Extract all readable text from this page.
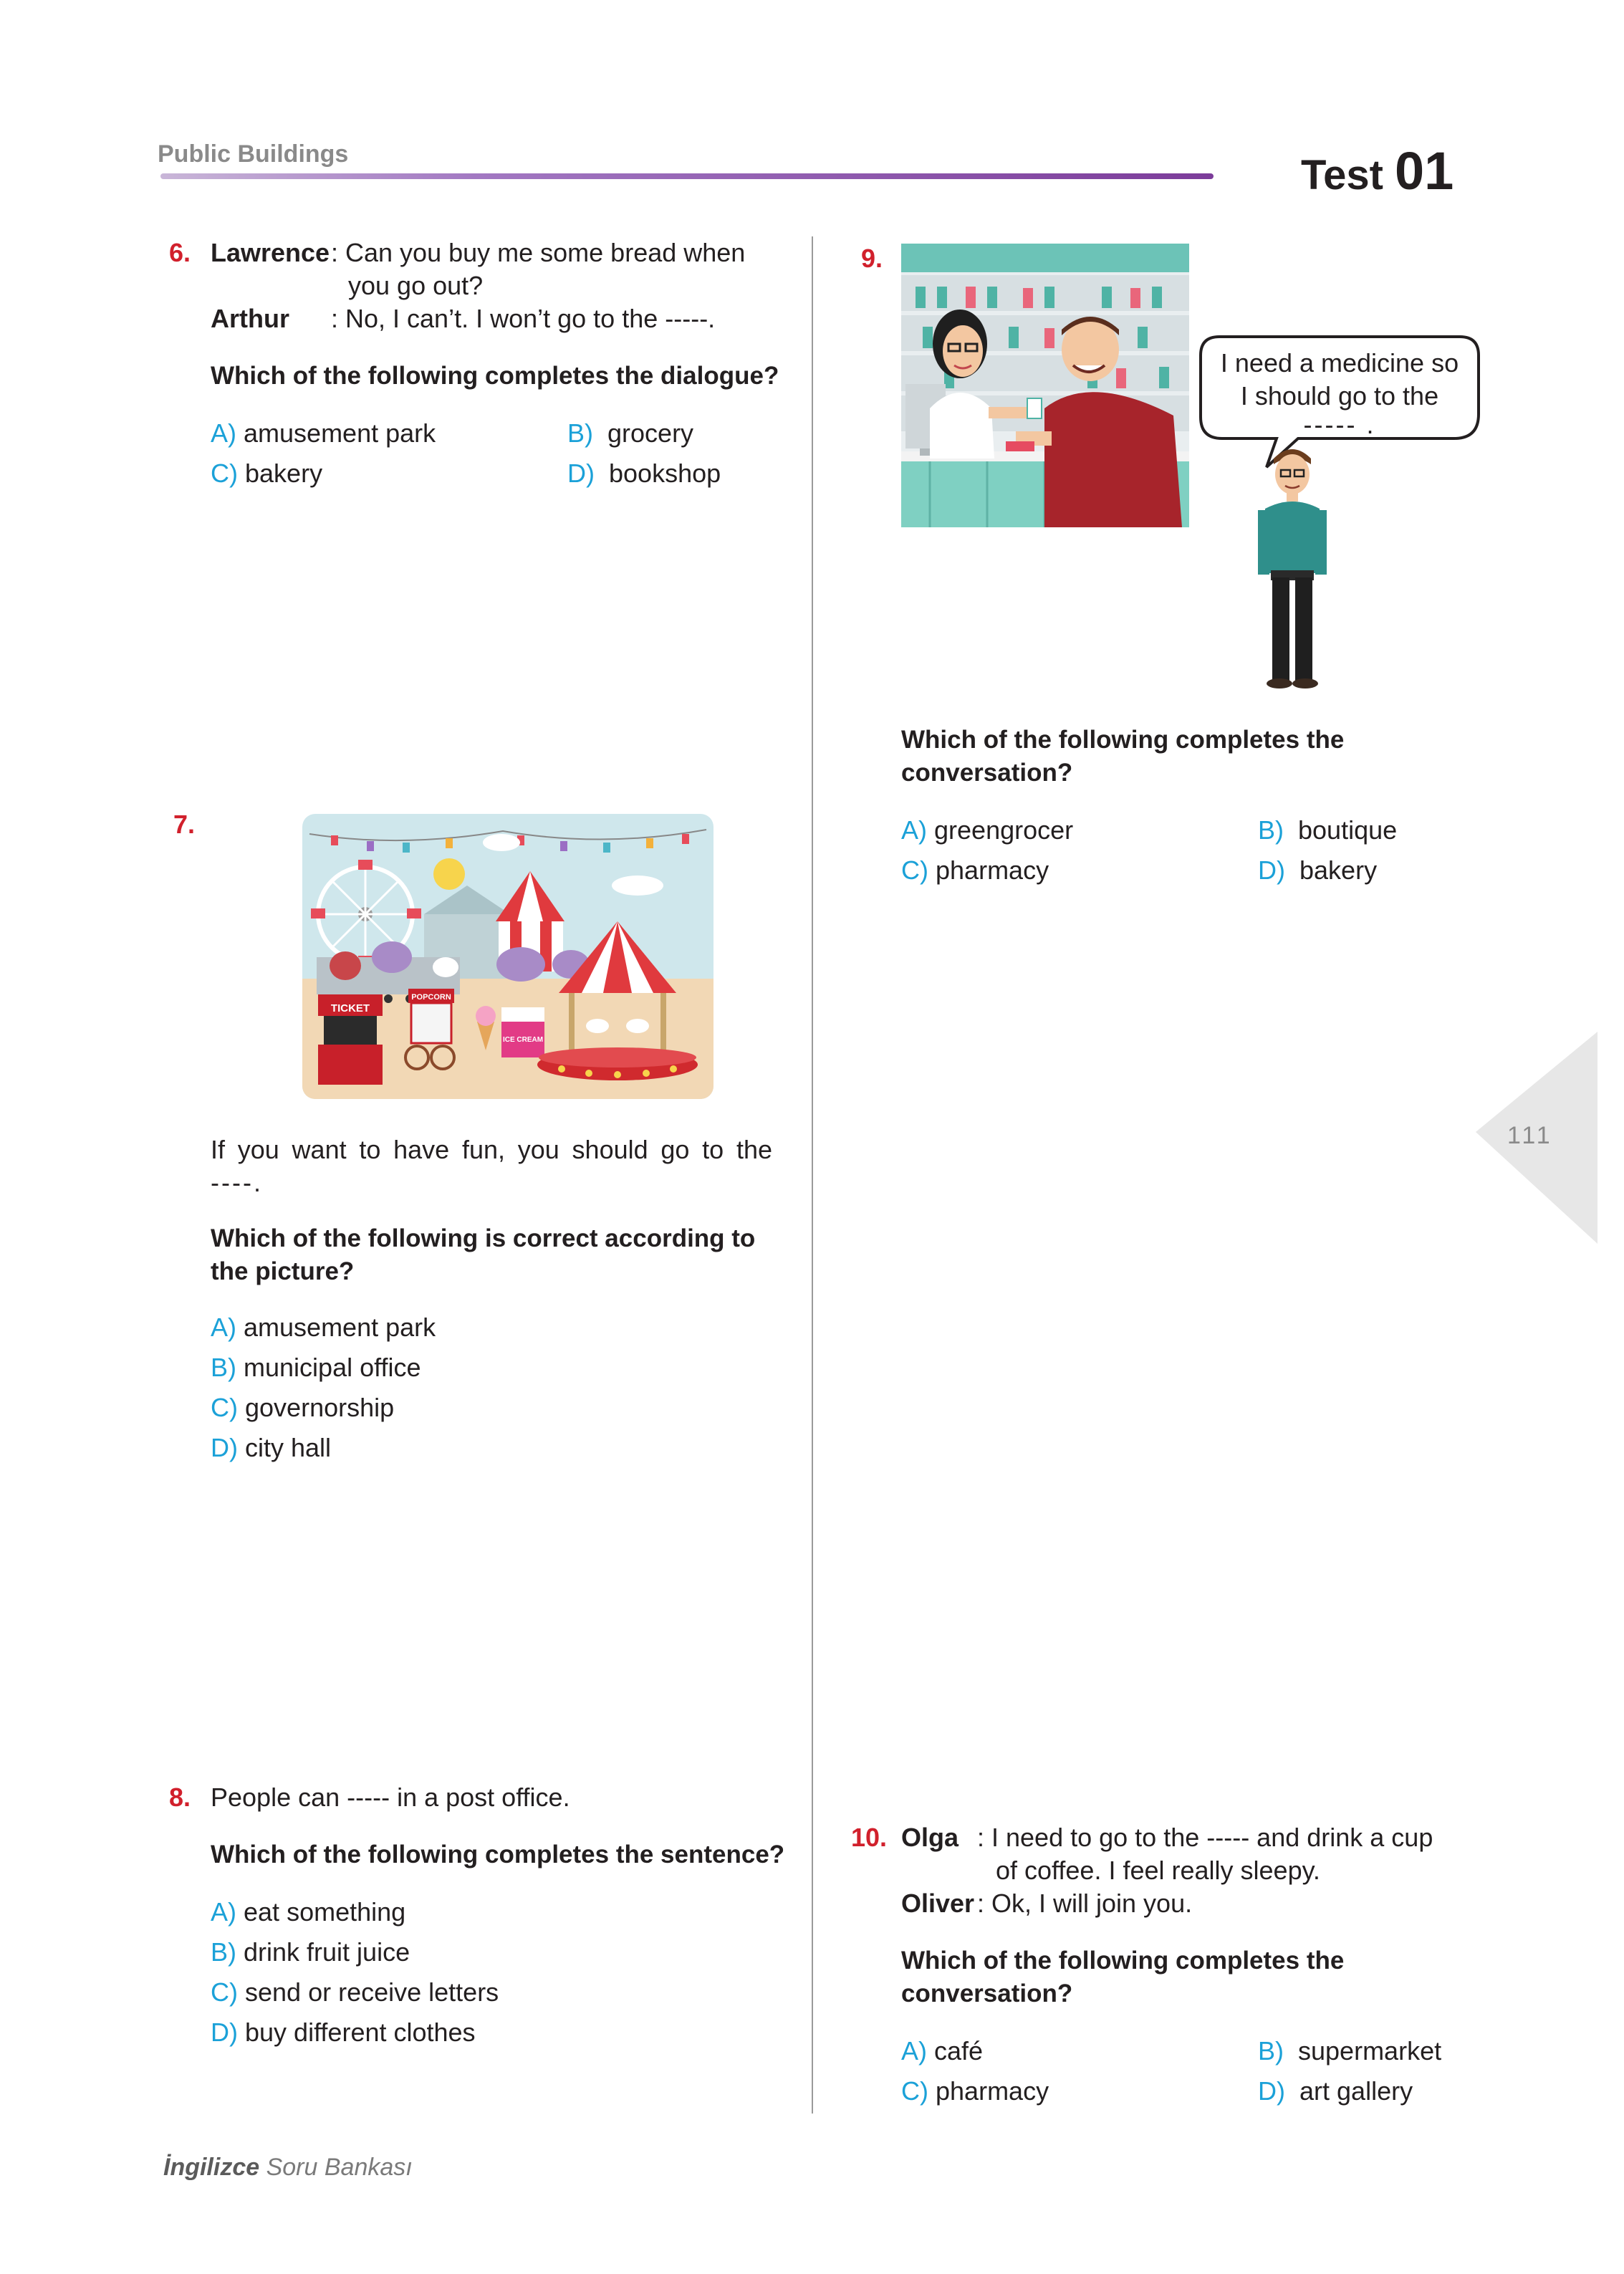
Public Buildings	Test 01
6. Lawrence : Can you buy me some bread when
you go out?
Arthur : No, I can’t. I won’t go to the -----.
Which of the following completes the dialogue?
A) amusement park	B) grocery
C) bakery	D) bookshop
7.
TICKET
POPCORN
ICE CREAM
If you want to have fun, you should go to the
----.
Which of the following is correct according to
the picture?
A) amusement park
B) municipal office
C) governorship
D) city hall
8. People can ----- in a post office.
Which of the following completes the sentence?
A) eat something
B) drink fruit juice
C) send or receive letters
D) buy different clothes
9.
I need a medicine so
I should go to the
----- .
Which of the following completes the
conversation?
A) greengrocer	B) boutique
C) pharmacy	D) bakery
111
10. Olga : I need to go to the ----- and drink a cup
of coffee. I feel really sleepy.
Oliver : Ok, I will join you.
Which of the following completes the
conversation?
A) café	B) supermarket
C) pharmacy	D) art gallery
İngilizce Soru Bankası
